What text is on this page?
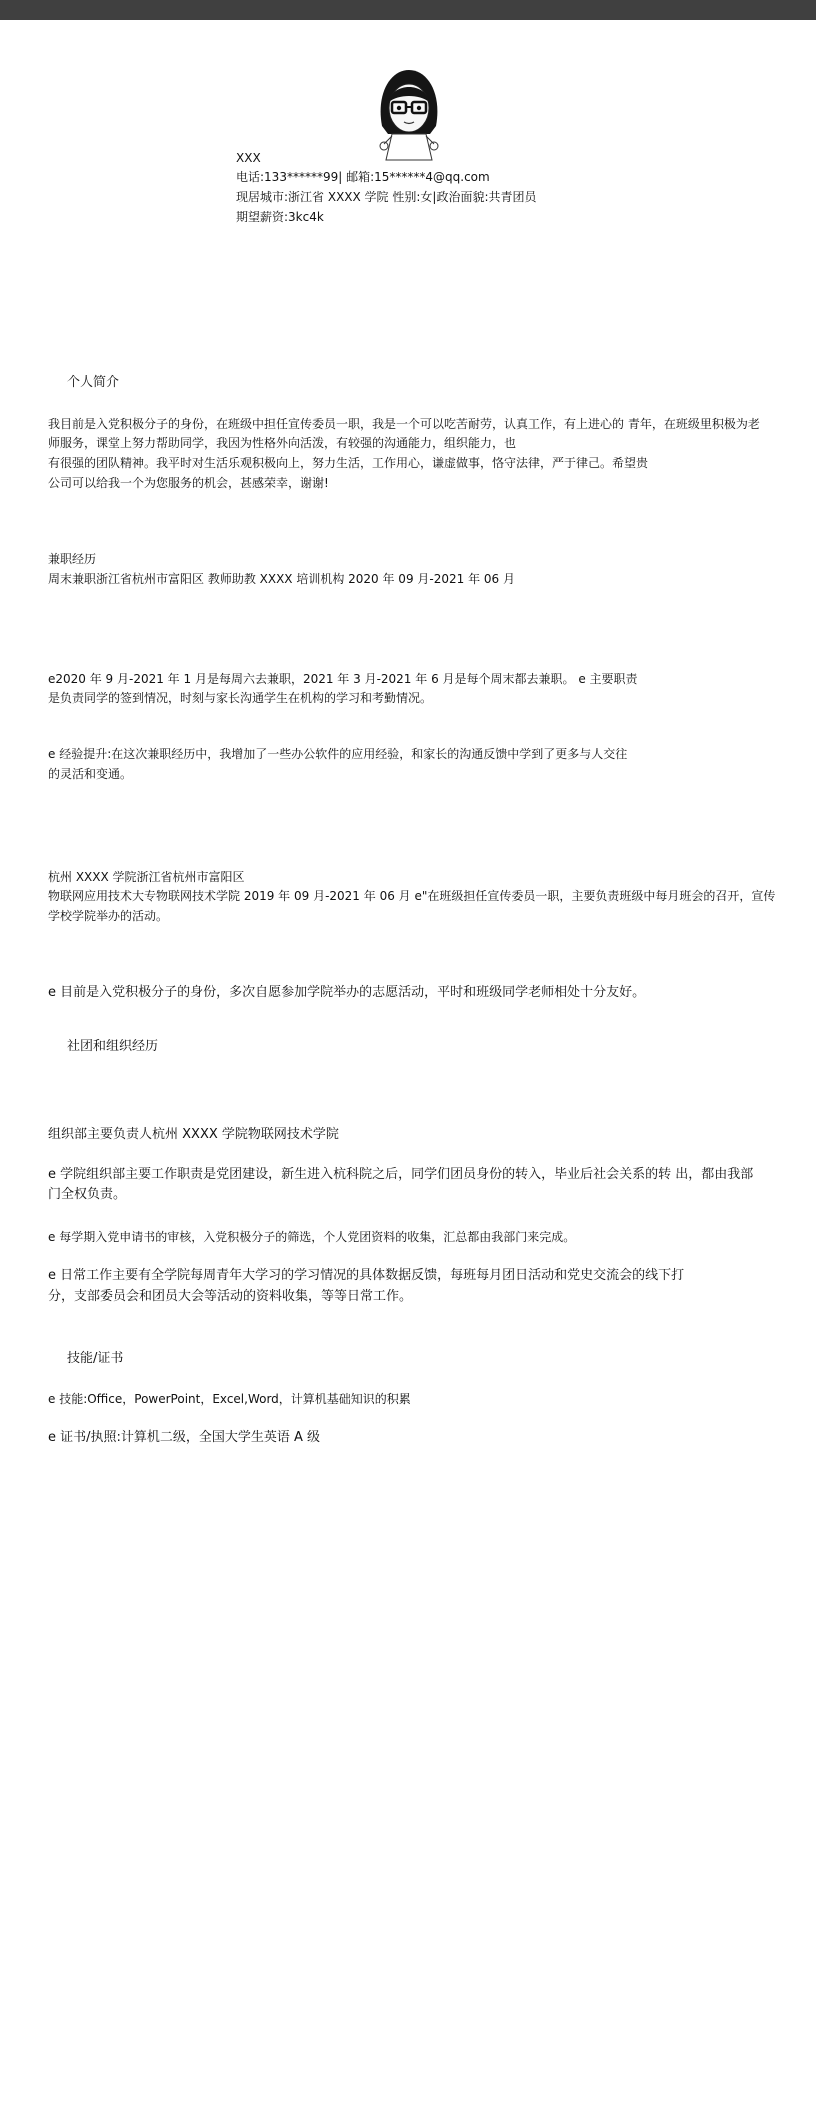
XXX
电话:133******99| 邮箱:15******4@qq.com
现居城市:浙江省 XXXX 学院 性别:女|政治面貌:共青团员
期望薪资:3kc4k
个人简介
我目前是入党积极分子的身份，在班级中担任宣传委员一职，我是一个可以吃苦耐劳，认真工作，有上进心的 青年，在班级里积极为老
师服务，课堂上努力帮助同学，我因为性格外向活泼，有较强的沟通能力，组织能力，也
有很强的团队精神。我平时对生活乐观积极向上，努力生活，工作用心，谦虚做事，恪守法律，严于律己。希望贵
公司可以给我一个为您服务的机会，甚感荣幸，谢谢!
兼职经历
周末兼职浙江省杭州市富阳区 教师助教 XXXX 培训机构 2020 年 09 月-2021 年 06 月
e2020 年 9 月-2021 年 1 月是每周六去兼职，2021 年 3 月-2021 年 6 月是每个周末都去兼职。 e 主要职责
是负责同学的签到情况，时刻与家长沟通学生在机构的学习和考勤情况。
e 经验提升:在这次兼职经历中，我增加了一些办公软件的应用经验，和家长的沟通反馈中学到了更多与人交往
的灵活和变通。
杭州 XXXX 学院浙江省杭州市富阳区
物联网应用技术大专物联网技术学院 2019 年 09 月-2021 年 06 月 e"在班级担任宣传委员一职，主要负责班级中每月班会的召开，宣传
学校学院举办的活动。
e 目前是入党积极分子的身份，多次自愿参加学院举办的志愿活动，平时和班级同学老师相处十分友好。
社团和组织经历
组织部主要负责人杭州 XXXX 学院物联网技术学院
e 学院组织部主要工作职责是党团建设，新生进入杭科院之后，同学们团员身份的转入，毕业后社会关系的转 出，都由我部
门全权负责。
e 每学期入党申请书的审核，入党积极分子的筛选，个人党团资料的收集，汇总都由我部门来完成。
e 日常工作主要有全学院每周青年大学习的学习情况的具体数据反馈，每班每月团日活动和党史交流会的线下打
分，支部委员会和团员大会等活动的资料收集，等等日常工作。
技能/证书
e 技能:Office，PowerPoint，Excel,Word，计算机基础知识的积累
e 证书/执照:计算机二级，全国大学生英语 A 级
